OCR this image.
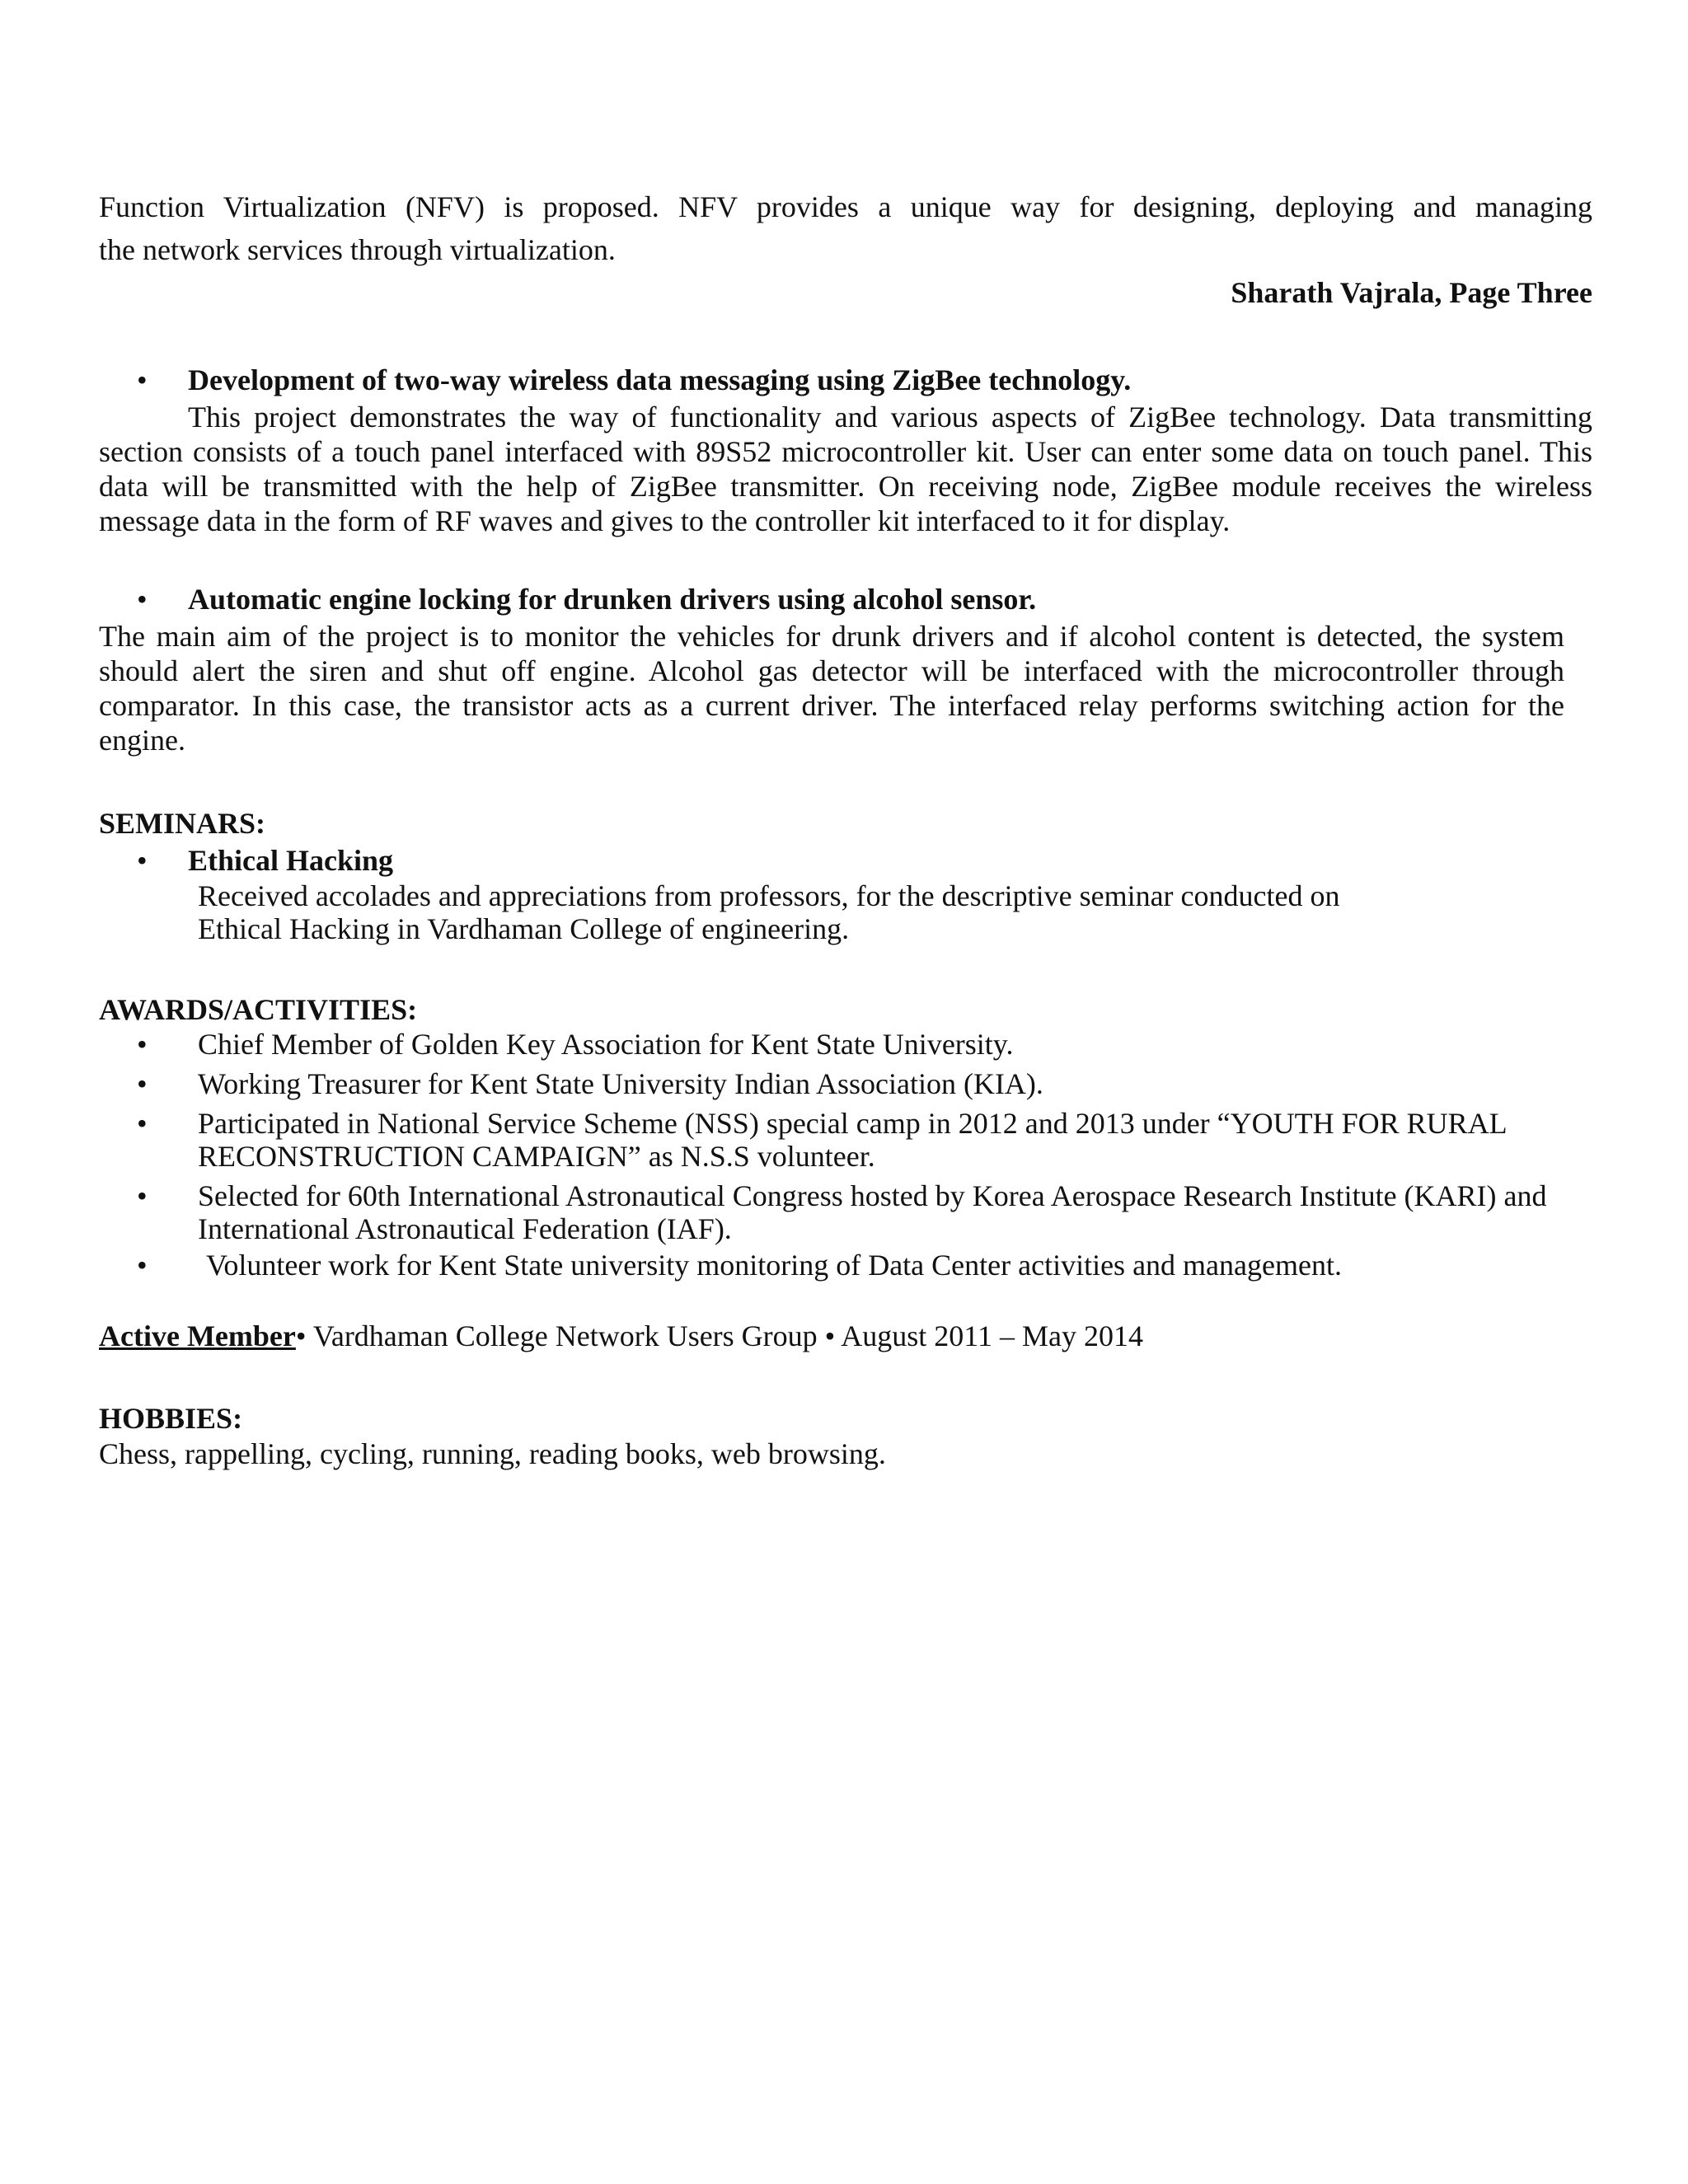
Function Virtualization (NFV) is proposed. NFV provides a unique way for designing, deploying and managing
the network services through virtualization.
Sharath Vajrala, Page Three
• Development of two-way wireless data messaging using ZigBee technology.
This project demonstrates the way of functionality and various aspects of ZigBee technology. Data transmitting section consists of a touch panel interfaced with 89S52 microcontroller kit. User can enter some data on touch panel. This data will be transmitted with the help of ZigBee transmitter. On receiving node, ZigBee module receives the wireless message data in the form of RF waves and gives to the controller kit interfaced to it for display.
• Automatic engine locking for drunken drivers using alcohol sensor.
The main aim of the project is to monitor the vehicles for drunk drivers and if alcohol content is detected, the system should alert the siren and shut off engine. Alcohol gas detector will be interfaced with the microcontroller through comparator. In this case, the transistor acts as a current driver. The interfaced relay performs switching action for the engine.
SEMINARS:
• Ethical Hacking
Received accolades and appreciations from professors, for the descriptive seminar conducted on
Ethical Hacking in Vardhaman College of engineering.
AWARDS/ACTIVITIES:
• Chief Member of Golden Key Association for Kent State University.
• Working Treasurer for Kent State University Indian Association (KIA).
• Participated in National Service Scheme (NSS) special camp in 2012 and 2013 under “YOUTH FOR RURAL RECONSTRUCTION CAMPAIGN” as N.S.S volunteer.
• Selected for 60th International Astronautical Congress hosted by Korea Aerospace Research Institute (KARI) and International Astronautical Federation (IAF).
• Volunteer work for Kent State university monitoring of Data Center activities and management.
Active Member• Vardhaman College Network Users Group • August 2011 – May 2014
HOBBIES:
Chess, rappelling, cycling, running, reading books, web browsing.
